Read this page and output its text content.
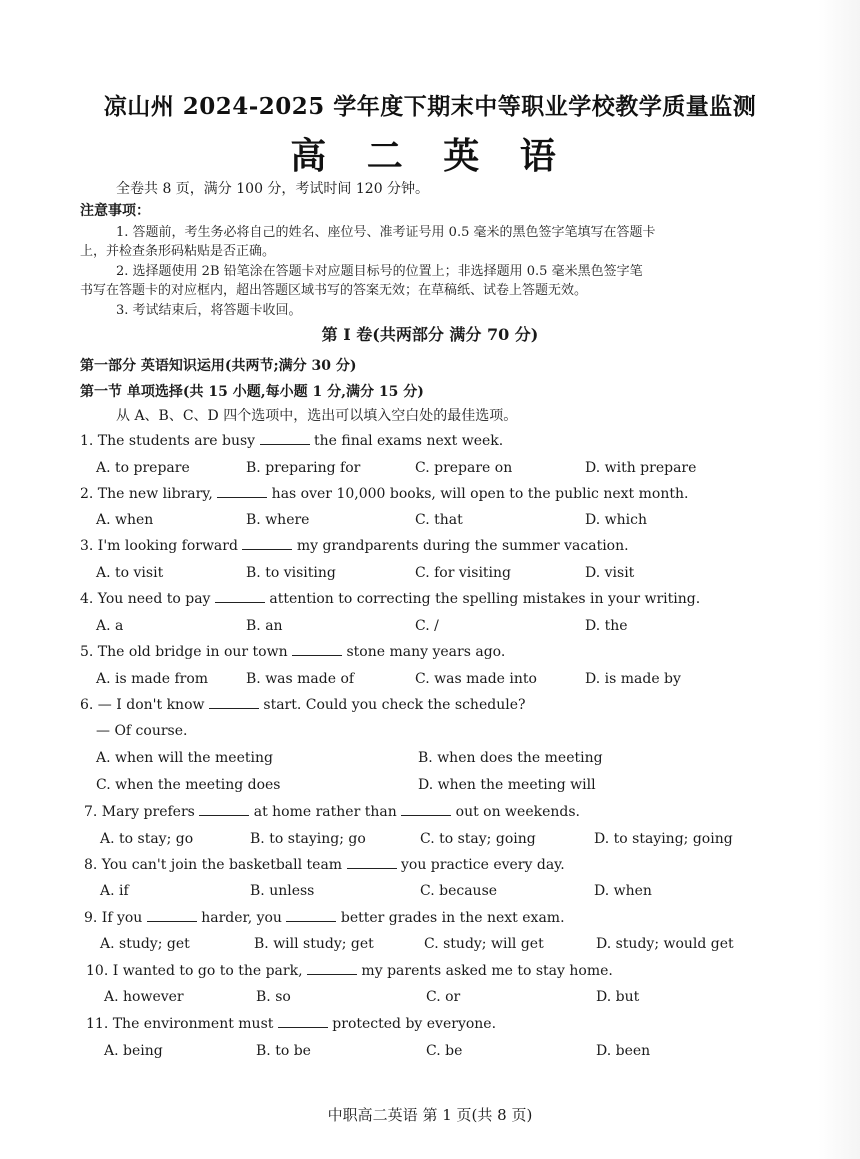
凉山州 2024-2025 学年度下期末中等职业学校教学质量监测
高 二 英 语
全卷共 8 页，满分 100 分，考试时间 120 分钟。
注意事项：
1. 答题前，考生务必将自己的姓名、座位号、准考证号用 0.5 毫米的黑色签字笔填写在答题卡
上，并检查条形码粘贴是否正确。
2. 选择题使用 2B 铅笔涂在答题卡对应题目标号的位置上；非选择题用 0.5 毫米黑色签字笔
书写在答题卡的对应框内，超出答题区域书写的答案无效；在草稿纸、试卷上答题无效。
3. 考试结束后，将答题卡收回。
第 Ⅰ 卷(共两部分 满分 70 分)
第一部分 英语知识运用(共两节;满分 30 分)
第一节 单项选择(共 15 小题,每小题 1 分,满分 15 分)
从 A、B、C、D 四个选项中，选出可以填入空白处的最佳选项。
1. The students are busy	the final exams next week.
A. to prepare	B. preparing for	C. prepare on	D. with prepare
2. The new library,	has over 10,000 books, will open to the public next month.
A. when	B. where	C. that	D. which
3. I'm looking forward	my grandparents during the summer vacation.
A. to visit	B. to visiting	C. for visiting	D. visit
4. You need to pay	attention to correcting the spelling mistakes in your writing.
A. a	B. an	C. /	D. the
5. The old bridge in our town	stone many years ago.
A. is made from	B. was made of	C. was made into	D. is made by
6. — I don't know	start. Could you check the schedule?
— Of course.
A. when will the meeting	B. when does the meeting
C. when the meeting does	D. when the meeting will
7. Mary prefers	at home rather than	out on weekends.
A. to stay; go	B. to staying; go	C. to stay; going	D. to staying; going
8. You can't join the basketball team	you practice every day.
A. if	B. unless	C. because	D. when
9. If you	harder, you	better grades in the next exam.
A. study; get	B. will study; get	C. study; will get	D. study; would get
10. I wanted to go to the park,	my parents asked me to stay home.
A. however	B. so	C. or	D. but
11. The environment must	protected by everyone.
A. being	B. to be	C. be	D. been
中职高二英语 第 1 页(共 8 页)
